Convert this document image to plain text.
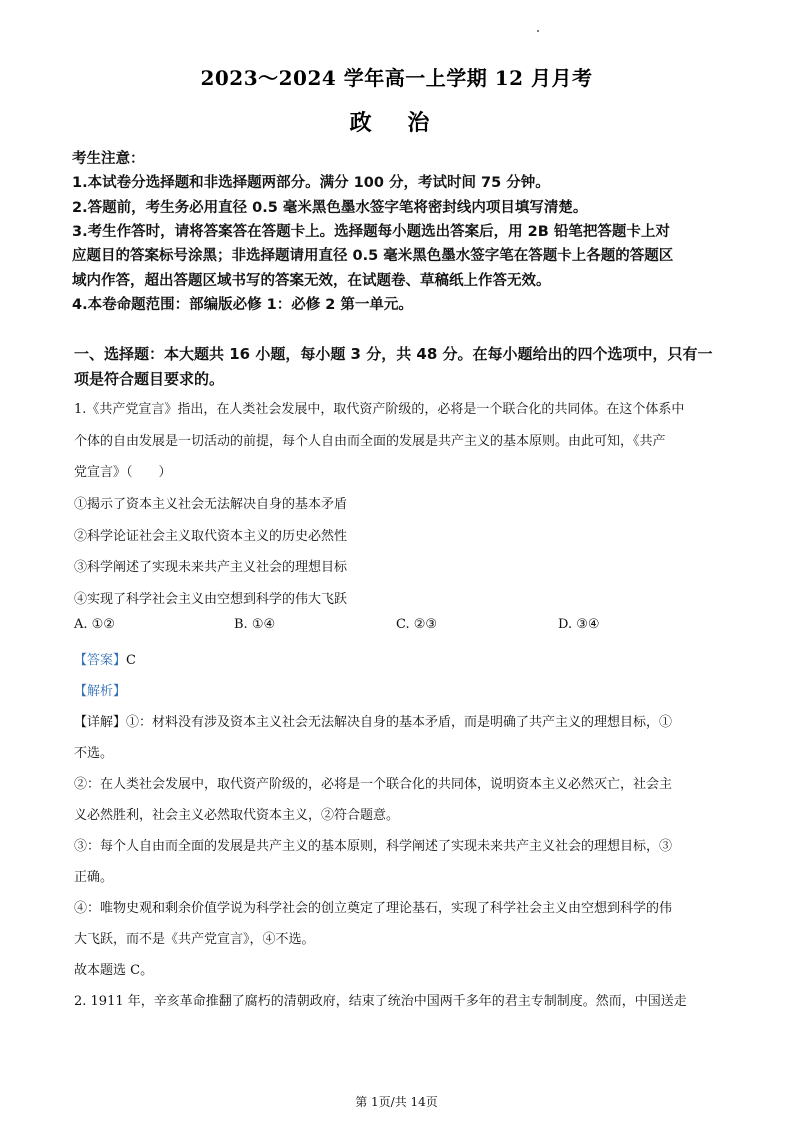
2023～2024 学年高一上学期 12 月月考
政 治
考生注意：
1.本试卷分选择题和非选择题两部分。满分 100 分，考试时间 75 分钟。
2.答题前，考生务必用直径 0.5 毫米黑色墨水签字笔将密封线内项目填写清楚。
3.考生作答时，请将答案答在答题卡上。选择题每小题选出答案后，用 2B 铅笔把答题卡上对
应题目的答案标号涂黑；非选择题请用直径 0.5 毫米黑色墨水签字笔在答题卡上各题的答题区
域内作答，超出答题区域书写的答案无效，在试题卷、草稿纸上作答无效。
4.本卷命题范围：部编版必修 1：必修 2 第一单元。
一、选择题：本大题共 16 小题，每小题 3 分，共 48 分。在每小题给出的四个选项中，只有一
项是符合题目要求的。
1.《共产党宣言》指出，在人类社会发展中，取代资产阶级的，必将是一个联合化的共同体。在这个体系中
个体的自由发展是一切活动的前提，每个人自由而全面的发展是共产主义的基本原则。由此可知，《共产
党宣言》（　　）
①揭示了资本主义社会无法解决自身的基本矛盾
②科学论证社会主义取代资本主义的历史必然性
③科学阐述了实现未来共产主义社会的理想目标
④实现了科学社会主义由空想到科学的伟大飞跃
A. ①②	B. ①④	C. ②③	D. ③④
【答案】C
【解析】
【详解】①：材料没有涉及资本主义社会无法解决自身的基本矛盾，而是明确了共产主义的理想目标，①
不选。
②：在人类社会发展中，取代资产阶级的，必将是一个联合化的共同体，说明资本主义必然灭亡，社会主
义必然胜利，社会主义必然取代资本主义，②符合题意。
③：每个人自由而全面的发展是共产主义的基本原则，科学阐述了实现未来共产主义社会的理想目标，③
正确。
④：唯物史观和剩余价值学说为科学社会的创立奠定了理论基石，实现了科学社会主义由空想到科学的伟
大飞跃，而不是《共产党宣言》，④不选。
故本题选 C。
2. 1911 年，辛亥革命推翻了腐朽的清朝政府，结束了统治中国两千多年的君主专制制度。然而，中国送走
第 1页/共 14页
